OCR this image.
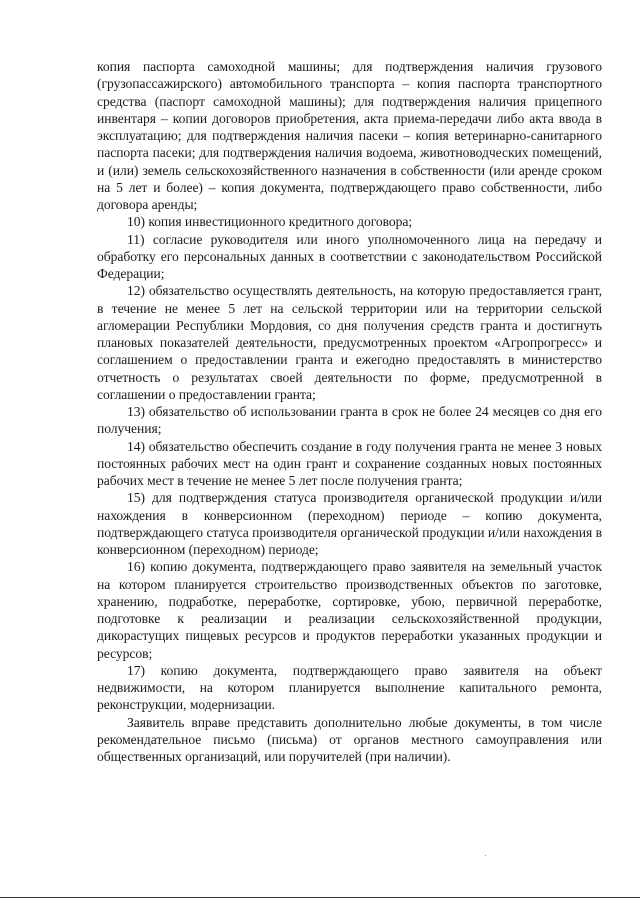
копия паспорта самоходной машины; для подтверждения наличия грузового (грузопассажирского) автомобильного транспорта – копия паспорта транспортного средства (паспорт самоходной машины); для подтверждения наличия прицепного инвентаря – копии договоров приобретения, акта приема-передачи либо акта ввода в эксплуатацию; для подтверждения наличия пасеки – копия ветеринарно-санитарного паспорта пасеки; для подтверждения наличия водоема, животноводческих помещений, и (или) земель сельскохозяйственного назначения в собственности (или аренде сроком на 5 лет и более) – копия документа, подтверждающего право собственности, либо договора аренды;

10) копия инвестиционного кредитного договора;

11) согласие руководителя или иного уполномоченного лица на передачу и обработку его персональных данных в соответствии с законодательством Российской Федерации;

12) обязательство осуществлять деятельность, на которую предоставляется грант, в течение не менее 5 лет на сельской территории или на территории сельской агломерации Республики Мордовия, со дня получения средств гранта и достигнуть плановых показателей деятельности, предусмотренных проектом «Агропрогресс» и соглашением о предоставлении гранта и ежегодно предоставлять в министерство отчетность о результатах своей деятельности по форме, предусмотренной в соглашении о предоставлении гранта;

13) обязательство об использовании гранта в срок не более 24 месяцев со дня его получения;

14) обязательство обеспечить создание в году получения гранта не менее 3 новых постоянных рабочих мест на один грант и сохранение созданных новых постоянных рабочих мест в течение не менее 5 лет после получения гранта;

15) для подтверждения статуса производителя органической продукции и/или нахождения в конверсионном (переходном) периоде – копию документа, подтверждающего статуса производителя органической продукции и/или нахождения в конверсионном (переходном) периоде;

16) копию документа, подтверждающего право заявителя на земельный участок на котором планируется строительство производственных объектов по заготовке, хранению, подработке, переработке, сортировке, убою, первичной переработке, подготовке к реализации и реализации сельскохозяйственной продукции, дикорастущих пищевых ресурсов и продуктов переработки указанных продукции и ресурсов;

17) копию документа, подтверждающего право заявителя на объект недвижимости, на котором планируется выполнение капитального ремонта, реконструкции, модернизации.

Заявитель вправе представить дополнительно любые документы, в том числе рекомендательное письмо (письма) от органов местного самоуправления или общественных организаций, или поручителей (при наличии).
